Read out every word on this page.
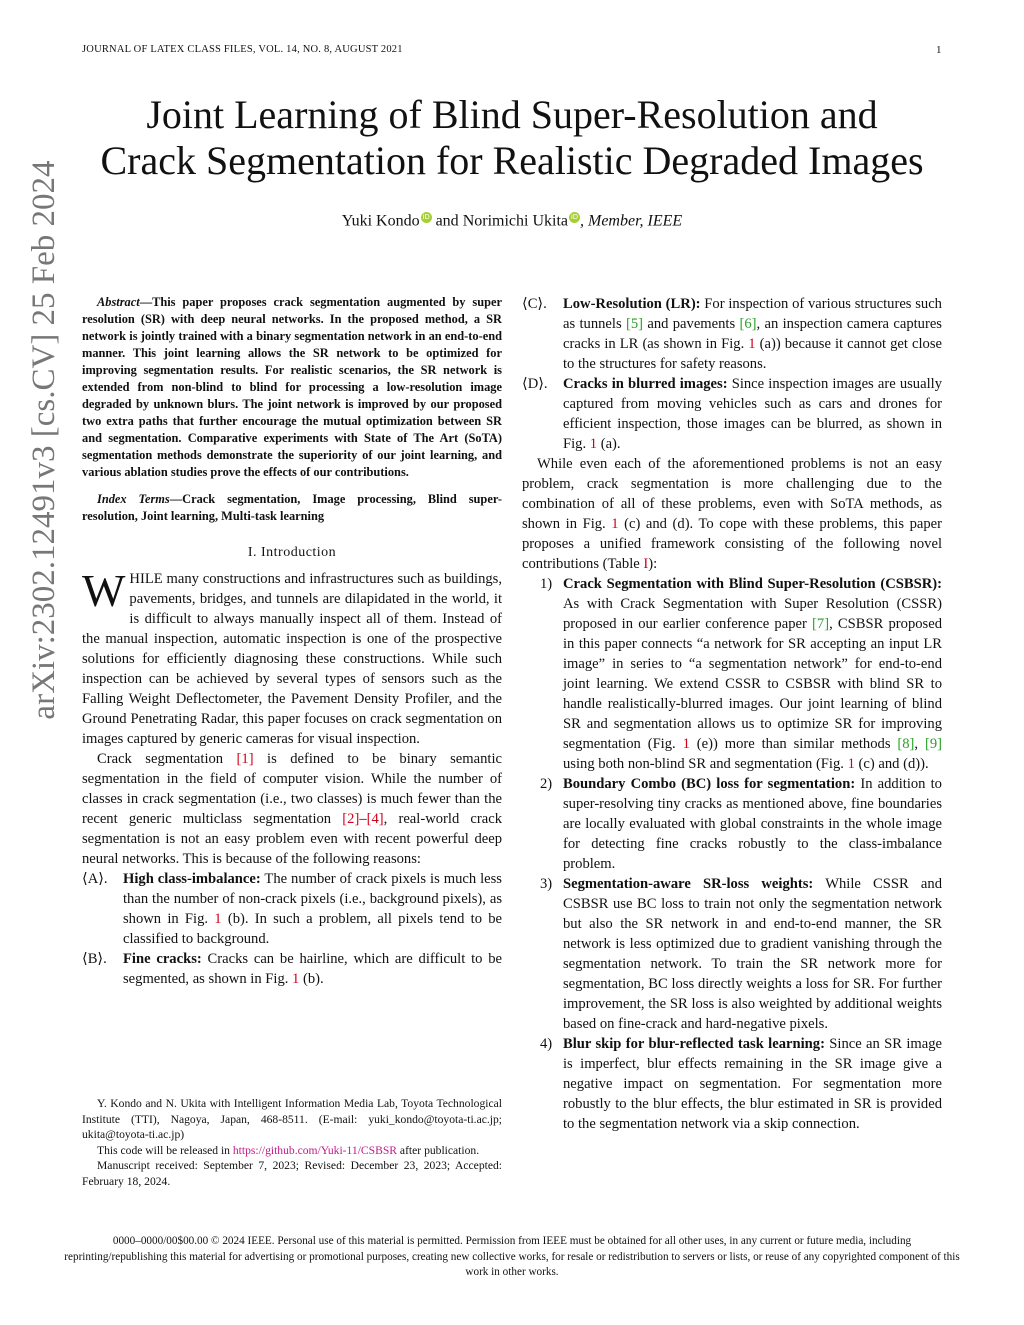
JOURNAL OF LATEX CLASS FILES, VOL. 14, NO. 8, AUGUST 2021	1
arXiv:2302.12491v3 [cs.CV] 25 Feb 2024
Joint Learning of Blind Super-Resolution and
Crack Segmentation for Realistic Degraded Images
Yuki Kondo iD and Norimichi Ukita iD , Member, IEEE

Abstract—This paper proposes crack segmentation augmented by super resolution (SR) with deep neural networks. In the proposed method, a SR network is jointly trained with a binary segmentation network in an end-to-end manner. This joint learning allows the SR network to be optimized for improving segmentation results. For realistic scenarios, the SR network is extended from non-blind to blind for processing a low-resolution image degraded by unknown blurs. The joint network is improved by our proposed two extra paths that further encourage the mutual optimization between SR and segmentation. Comparative experiments with State of The Art (SoTA) segmentation methods demonstrate the superiority of our joint learning, and various ablation studies prove the effects of our contributions.

Index Terms—Crack segmentation, Image processing, Blind super-resolution, Joint learning, Multi-task learning

I. Introduction

WHILE many constructions and infrastructures such as buildings, pavements, bridges, and tunnels are dilapidated in the world, it is difficult to always manually inspect all of them. Instead of the manual inspection, automatic inspection is one of the prospective solutions for efficiently diagnosing these constructions. While such inspection can be achieved by several types of sensors such as the Falling Weight Deflectometer, the Pavement Density Profiler, and the Ground Penetrating Radar, this paper focuses on crack segmentation on images captured by generic cameras for visual inspection.

Crack segmentation [1] is defined to be binary semantic segmentation in the field of computer vision. While the number of classes in crack segmentation (i.e., two classes) is much fewer than the recent generic multiclass segmentation [2]–[4], real-world crack segmentation is not an easy problem even with recent powerful deep neural networks. This is because of the following reasons:

⟨A⟩. High class-imbalance: The number of crack pixels is much less than the number of non-crack pixels (i.e., background pixels), as shown in Fig. 1 (b). In such a problem, all pixels tend to be classified to background.
⟨B⟩. Fine cracks: Cracks can be hairline, which are difficult to be segmented, as shown in Fig. 1 (b).

Y. Kondo and N. Ukita with Intelligent Information Media Lab, Toyota Technological Institute (TTI), Nagoya, Japan, 468-8511. (E-mail: yuki_kondo@toyota-ti.ac.jp; ukita@toyota-ti.ac.jp)

This code will be released in https://github.com/Yuki-11/CSBSR after publication.

Manuscript received: September 7, 2023; Revised: December 23, 2023; Accepted: February 18, 2024.

⟨C⟩. Low-Resolution (LR): For inspection of various structures such as tunnels [5] and pavements [6], an inspection camera captures cracks in LR (as shown in Fig. 1 (a)) because it cannot get close to the structures for safety reasons.
⟨D⟩. Cracks in blurred images: Since inspection images are usually captured from moving vehicles such as cars and drones for efficient inspection, those images can be blurred, as shown in Fig. 1 (a).

While even each of the aforementioned problems is not an easy problem, crack segmentation is more challenging due to the combination of all of these problems, even with SoTA methods, as shown in Fig. 1 (c) and (d). To cope with these problems, this paper proposes a unified framework consisting of the following novel contributions (Table I):

1) Crack Segmentation with Blind Super-Resolution (CSBSR): As with Crack Segmentation with Super Resolution (CSSR) proposed in our earlier conference paper [7], CSBSR proposed in this paper connects “a network for SR accepting an input LR image” in series to “a segmentation network” for end-to-end joint learning. We extend CSSR to CSBSR with blind SR to handle realistically-blurred images. Our joint learning of blind SR and segmentation allows us to optimize SR for improving segmentation (Fig. 1 (e)) more than similar methods [8], [9] using both non-blind SR and segmentation (Fig. 1 (c) and (d)).
2) Boundary Combo (BC) loss for segmentation: In addition to super-resolving tiny cracks as mentioned above, fine boundaries are locally evaluated with global constraints in the whole image for detecting fine cracks robustly to the class-imbalance problem.
3) Segmentation-aware SR-loss weights: While CSSR and CSBSR use BC loss to train not only the segmentation network but also the SR network in and end-to-end manner, the SR network is less optimized due to gradient vanishing through the segmentation network. To train the SR network more for segmentation, BC loss directly weights a loss for SR. For further improvement, the SR loss is also weighted by additional weights based on fine-crack and hard-negative pixels.
4) Blur skip for blur-reflected task learning: Since an SR image is imperfect, blur effects remaining in the SR image give a negative impact on segmentation. For segmentation more robustly to the blur effects, the blur estimated in SR is provided to the segmentation network via a skip connection.
0000–0000/00$00.00 © 2024 IEEE. Personal use of this material is permitted. Permission from IEEE must be obtained for all other uses, in any current or future media, including reprinting/republishing this material for advertising or promotional purposes, creating new collective works, for resale or redistribution to servers or lists, or reuse of any copyrighted component of this work in other works.
